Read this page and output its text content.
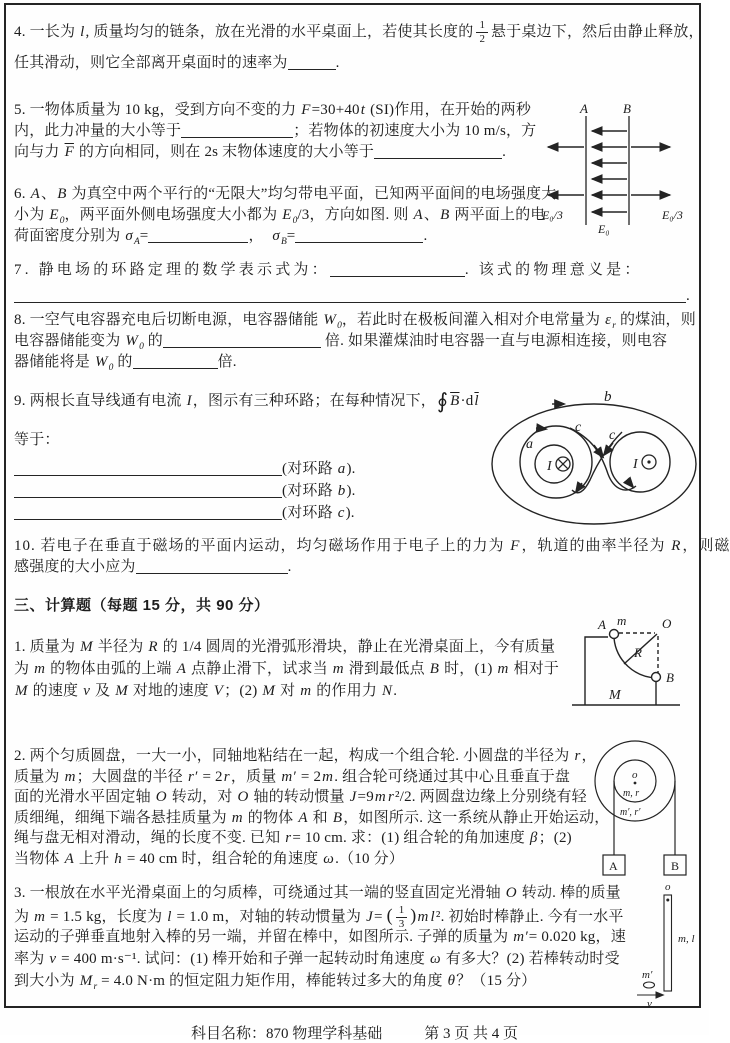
4. 一长为 l, 质量均匀的链条，放在光滑的水平桌面上，若使其长度的 $\frac{1}{2}$ 悬于桌边下，然后由静止释放，
任其滑动，则它全部离开桌面时的速率为	.
5. 一物体质量为 10 kg，受到方向不变的力 F=30+40t (SI)作用，在开始的两秒
内，此力冲量的大小等于	；若物体的初速度大小为 10 m/s，方
向与力 $\overline{F}$ 的方向相同，则在 2s 末物体速度的大小等于	.
6. A、B 为真空中两个平行的“无限大”均匀带电平面，已知两平面间的电场强度大
小为 $E_0$，两平面外侧电场强度大小都为 $E_0/3$，方向如图. 则 A、B 两平面上的电
荷面密度分别为 $\sigma_A=$	，　$\sigma_B=$	.
A	B
E₀/3	E₀/3
E₀
7. 静电场的环路定理的数学表示式为：	. 该式的物理意义是：
.
8. 一空气电容器充电后切断电源，电容器储能 $W_0$，若此时在极板间灌入相对介电常量为 $\varepsilon_r$ 的煤油，则
电容器储能变为 $W_0$ 的	倍. 如果灌煤油时电容器一直与电源相连接，则电容
器储能将是 $W_0$ 的	倍.
9. 两根长直导线通有电流 I，图示有三种环路；在每种情况下，∮ $\overline{B}\cdot d\overline{l}$
等于：
(对环路 a).
(对环路 b).
(对环路 c).
b
a
c
c
I	I
10. 若电子在垂直于磁场的平面内运动，均匀磁场作用于电子上的力为 F，轨道的曲率半径为 R，则磁
感强度的大小应为	.
三、计算题（每题 15 分，共 90 分）
1. 质量为 M 半径为 R 的 1/4 圆周的光滑弧形滑块，静止在光滑桌面上，今有质量
为 m 的物体由弧的上端 A 点静止滑下，试求当 m 滑到最低点 B 时，(1) m 相对于
M 的速度 v 及 M 对地的速度 V；(2) M 对 m 的作用力 N.
A m	O
R
B
M
2. 两个匀质圆盘，一大一小，同轴地粘结在一起，构成一个组合轮. 小圆盘的半径为 r，
质量为 m；大圆盘的半径 r′ = 2r，质量 m′ = 2m. 组合轮可绕通过其中心且垂直于盘
面的光滑水平固定轴 O 转动，对 O 轴的转动惯量 J=9m r²/2. 两圆盘边缘上分别绕有轻
质细绳，细绳下端各悬挂质量为 m 的物体 A 和 B，如图所示. 这一系统从静止开始运动，
绳与盘无相对滑动，绳的长度不变. 已知 r= 10 cm. 求：(1) 组合轮的角加速度 β；(2)
当物体 A 上升 h = 40 cm 时，组合轮的角速度 ω.（10 分）
o
m, r
m′, r′
A	B
3. 一根放在水平光滑桌面上的匀质棒，可绕通过其一端的竖直固定光滑轴 O 转动. 棒的质量
为 m = 1.5 kg，长度为 l = 1.0 m，对轴的转动惯量为 J= ( $\frac{1}{3} )m$ l². 初始时棒静止. 今有一水平
运动的子弹垂直地射入棒的另一端，并留在棒中，如图所示. 子弹的质量为 m′= 0.020 kg，速
率为 v = 400 m·s⁻¹. 试问：(1) 棒开始和子弹一起转动时角速度 ω 有多大？(2) 若棒转动时受
到大小为 $M_r = 4.0$ N·m 的恒定阻力矩作用，棒能转过多大的角度 θ？（15 分）
o
m, l
m′
v
科目名称：870 物理学科基础	第 3 页 共 4 页
